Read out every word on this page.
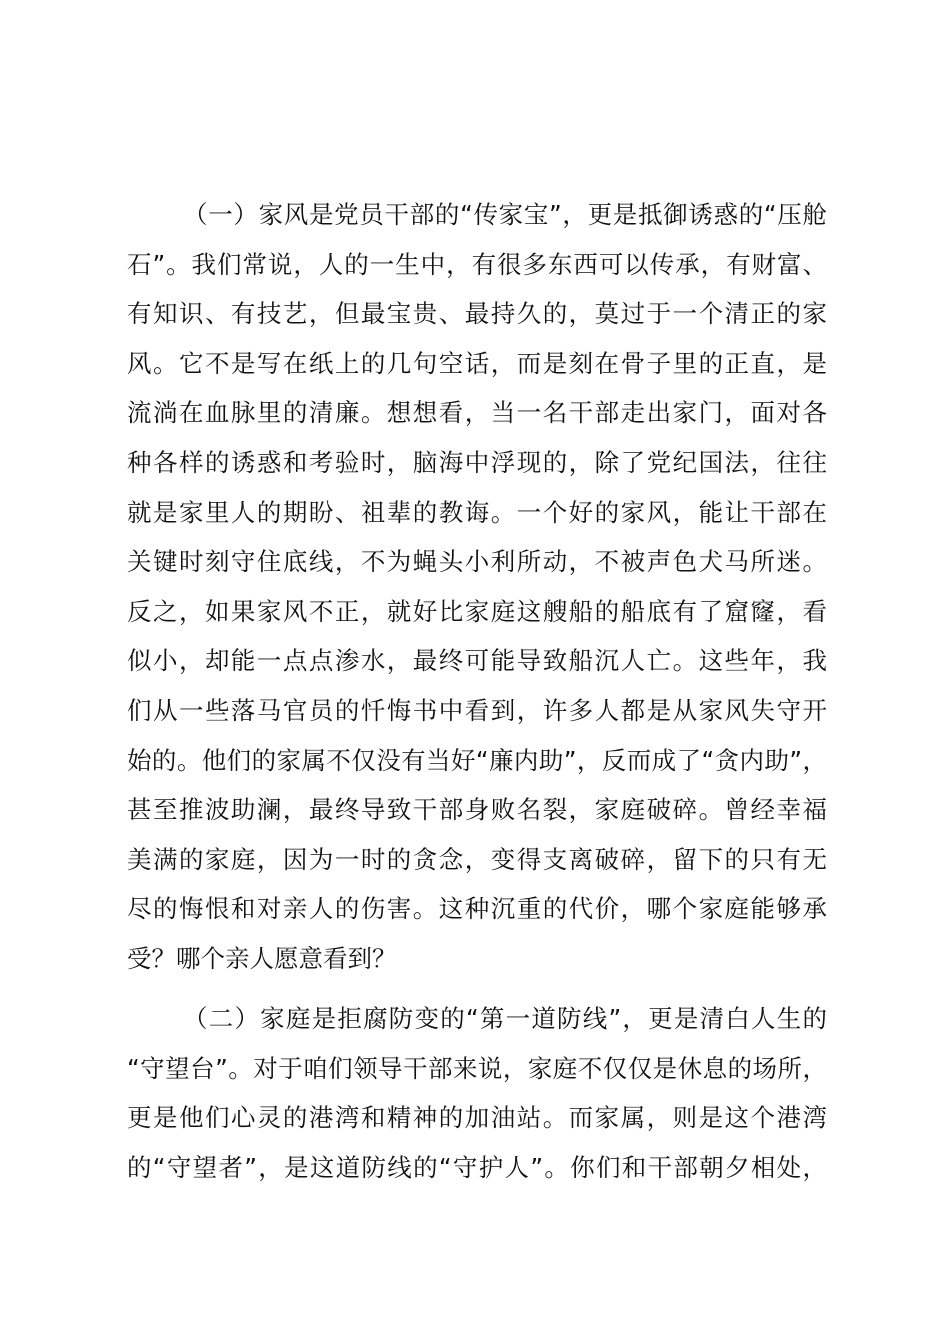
（一）家风是党员干部的“传家宝”，更是抵御诱惑的“压舱
石”。我们常说，人的一生中，有很多东西可以传承，有财富、
有知识、有技艺，但最宝贵、最持久的，莫过于一个清正的家
风。它不是写在纸上的几句空话，而是刻在骨子里的正直，是
流淌在血脉里的清廉。想想看，当一名干部走出家门，面对各
种各样的诱惑和考验时，脑海中浮现的，除了党纪国法，往往
就是家里人的期盼、祖辈的教诲。一个好的家风，能让干部在
关键时刻守住底线，不为蝇头小利所动，不被声色犬马所迷。
反之，如果家风不正，就好比家庭这艘船的船底有了窟窿，看
似小，却能一点点渗水，最终可能导致船沉人亡。这些年，我
们从一些落马官员的忏悔书中看到，许多人都是从家风失守开
始的。他们的家属不仅没有当好“廉内助”，反而成了“贪内助”，
甚至推波助澜，最终导致干部身败名裂，家庭破碎。曾经幸福
美满的家庭，因为一时的贪念，变得支离破碎，留下的只有无
尽的悔恨和对亲人的伤害。这种沉重的代价，哪个家庭能够承
受？哪个亲人愿意看到？
（二）家庭是拒腐防变的“第一道防线”，更是清白人生的
“守望台”。对于咱们领导干部来说，家庭不仅仅是休息的场所，
更是他们心灵的港湾和精神的加油站。而家属，则是这个港湾
的“守望者”，是这道防线的“守护人”。你们和干部朝夕相处，
